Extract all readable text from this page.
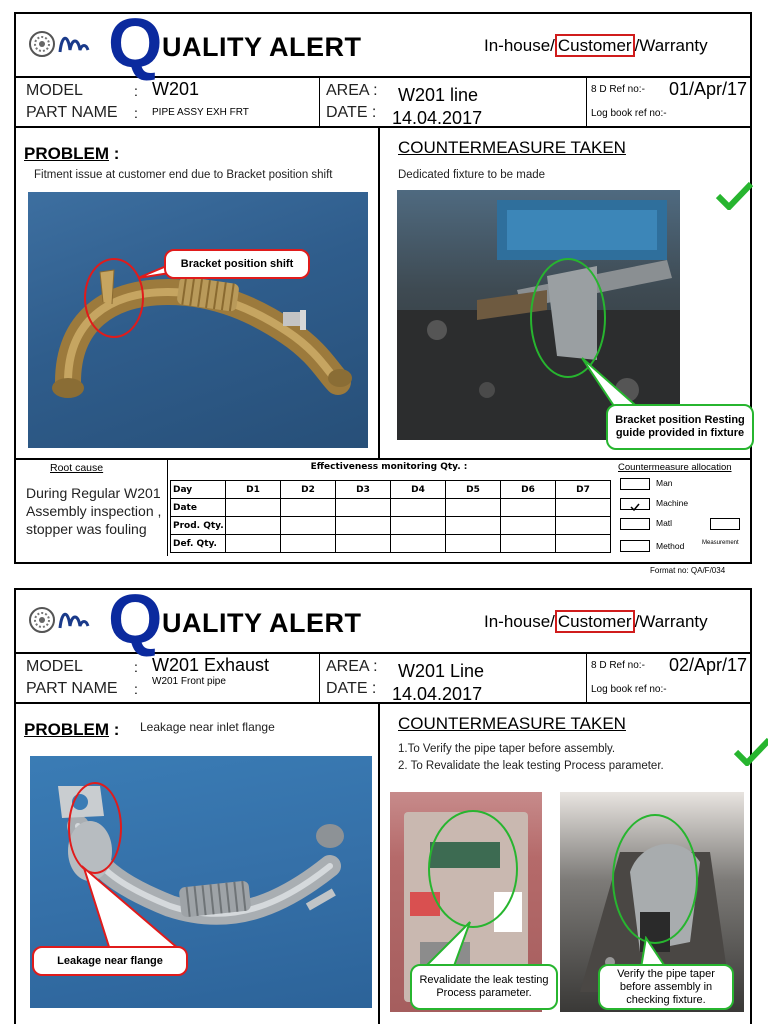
Q UALITY ALERT	In-house/ Customer /Warranty
MODEL	: W201
PART NAME : PIPE ASSY EXH FRT
AREA : W201 line
DATE : 14.04.2017
8 D Ref no:- 01/Apr/17
Log book ref no:-
PROBLEM :
Fitment issue at customer end due to Bracket position shift
Bracket position shift
COUNTERMEASURE TAKEN
Dedicated fixture to be made
Bracket position Resting guide provided in fixture
Root cause
During Regular W201 Assembly inspection , stopper was fouling
Effectiveness monitoring Qty. :
Day	D1	D2	D3	D4	D5	D6	D7
Date							
Prod. Qty.							
Def. Qty.							
Countermeasure allocation
Man
Machine
Matl
Method	Measurement
Format no: QA/F/034
Q UALITY ALERT	In-house/ Customer /Warranty
MODEL	: W201 Exhaust
PART NAME : W201 Front pipe
AREA : W201 Line
DATE : 14.04.2017
8 D Ref no:- 02/Apr/17
Log book ref no:-
PROBLEM : Leakage near inlet flange
Leakage near flange
COUNTERMEASURE TAKEN
1.To Verify the pipe taper before assembly.
2. To Revalidate the leak testing Process parameter.
Revalidate the leak testing Process parameter.
Verify the pipe taper before assembly in checking fixture.
